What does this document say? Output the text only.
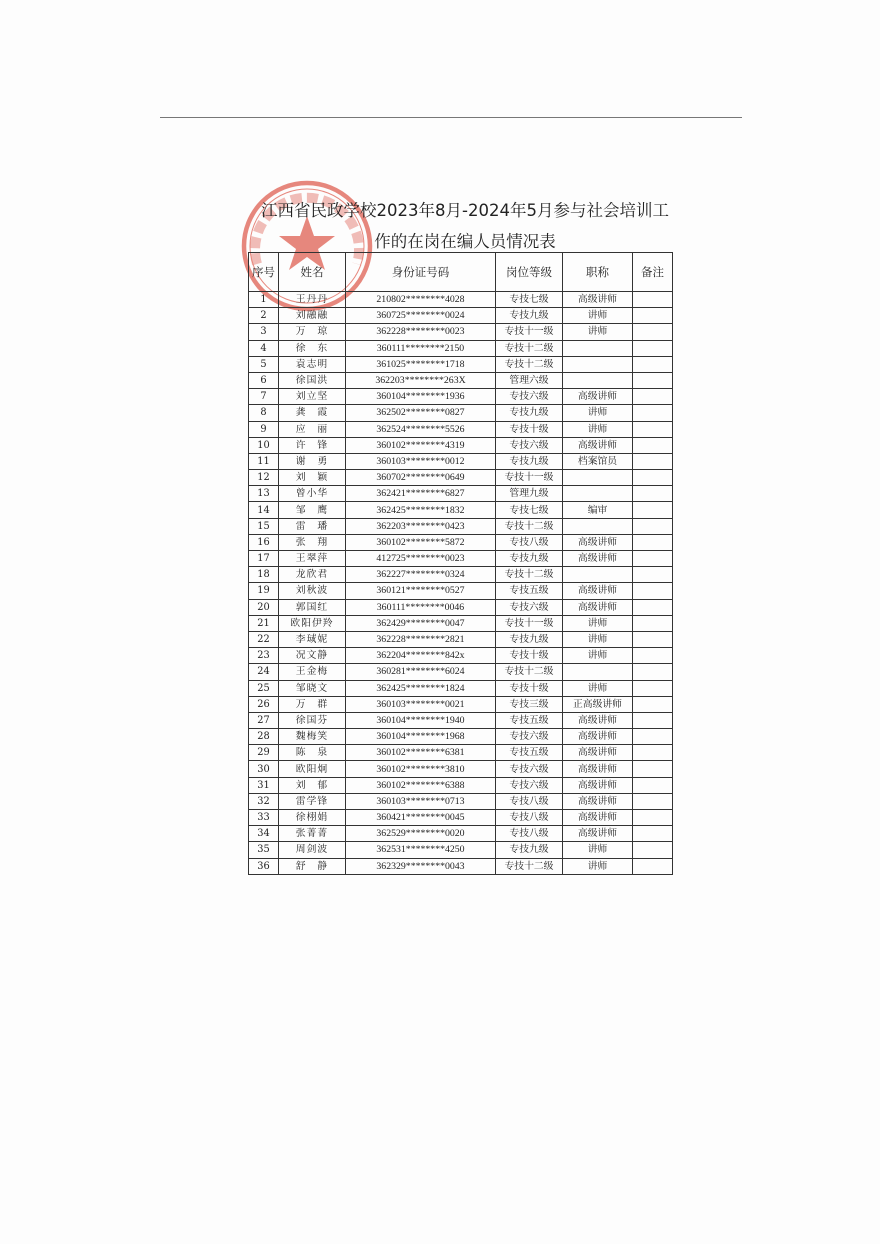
江西省民政学校2023年8月-2024年5月参与社会培训工
作的在岗在编人员情况表
序号	姓名	身份证号码	岗位等级	职称	备注
1	王丹丹	210802********4028	专技七级	高级讲师	
2	刘融融	360725********0024	专技九级	讲师	
3	万　琼	362228********0023	专技十一级	讲师	
4	徐　东	360111********2150	专技十二级		
5	袁志明	361025********1718	专技十二级		
6	徐国洪	362203********263X	管理六级		
7	刘立坚	360104********1936	专技六级	高级讲师	
8	龚　霞	362502********0827	专技九级	讲师	
9	应　丽	362524********5526	专技十级	讲师	
10	许　锋	360102********4319	专技六级	高级讲师	
11	谢　勇	360103********0012	专技九级	档案馆员	
12	刘　颖	360702********0649	专技十一级		
13	曾小华	362421********6827	管理九级		
14	邹　鹰	362425********1832	专技七级	编审	
15	雷　璠	362203********0423	专技十二级		
16	张　翔	360102********5872	专技八级	高级讲师	
17	王翠萍	412725********0023	专技九级	高级讲师	
18	龙欣君	362227********0324	专技十二级		
19	刘秋波	360121********0527	专技五级	高级讲师	
20	郭国红	360111********0046	专技六级	高级讲师	
21	欧阳伊羚	362429********0047	专技十一级	讲师	
22	李琙妮	362228********2821	专技九级	讲师	
23	况文静	362204********842x	专技十级	讲师	
24	王金梅	360281********6024	专技十二级		
25	邹晓文	362425********1824	专技十级	讲师	
26	万　群	360103********0021	专技三级	正高级讲师	
27	徐国芬	360104********1940	专技五级	高级讲师	
28	魏梅笑	360104********1968	专技六级	高级讲师	
29	陈　泉	360102********6381	专技五级	高级讲师	
30	欧阳炯	360102********3810	专技六级	高级讲师	
31	刘　郁	360102********6388	专技六级	高级讲师	
32	雷学锋	360103********0713	专技八级	高级讲师	
33	徐栩娟	360421********0045	专技八级	高级讲师	
34	张菁菁	362529********0020	专技八级	高级讲师	
35	周剑波	362531********4250	专技九级	讲师	
36	舒　静	362329********0043	专技十二级	讲师	
